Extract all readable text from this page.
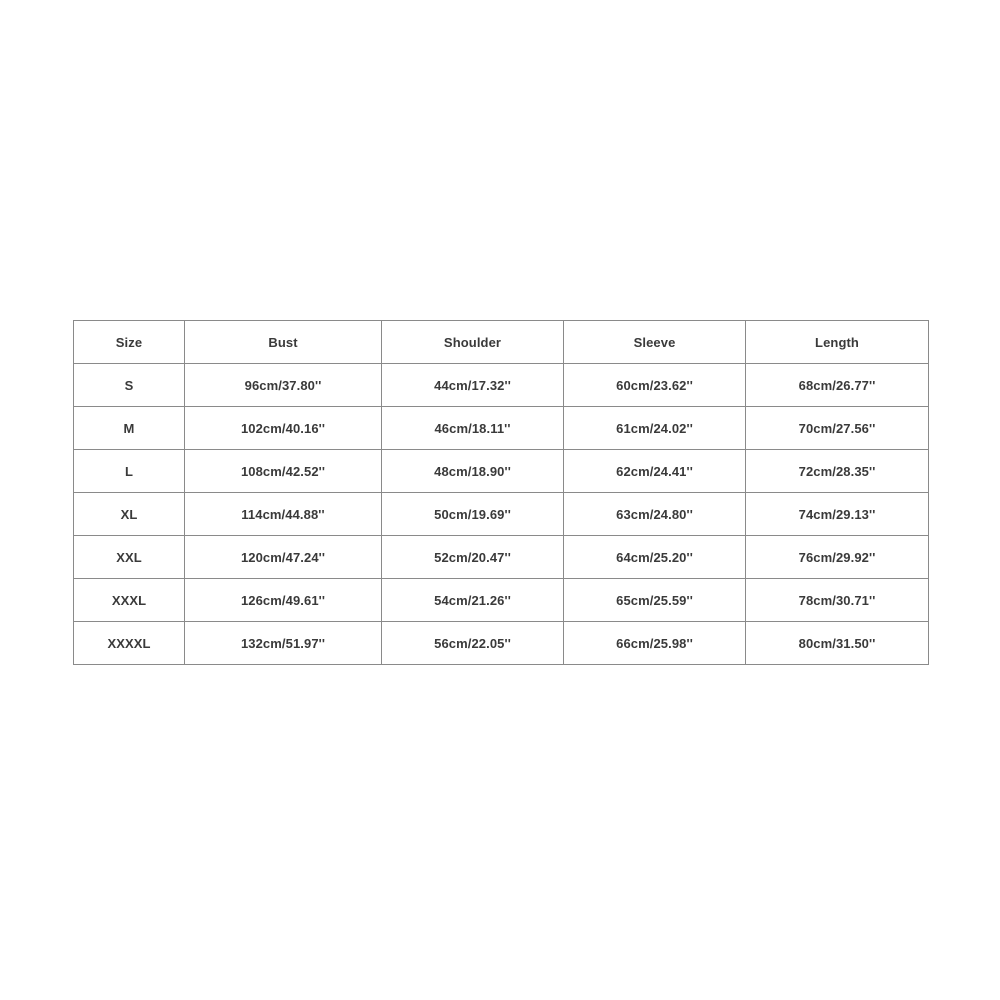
Size	Bust	Shoulder	Sleeve	Length
S	96cm/37.80''	44cm/17.32''	60cm/23.62''	68cm/26.77''
M	102cm/40.16''	46cm/18.11''	61cm/24.02''	70cm/27.56''
L	108cm/42.52''	48cm/18.90''	62cm/24.41''	72cm/28.35''
XL	114cm/44.88''	50cm/19.69''	63cm/24.80''	74cm/29.13''
XXL	120cm/47.24''	52cm/20.47''	64cm/25.20''	76cm/29.92''
XXXL	126cm/49.61''	54cm/21.26''	65cm/25.59''	78cm/30.71''
XXXXL	132cm/51.97''	56cm/22.05''	66cm/25.98''	80cm/31.50''
